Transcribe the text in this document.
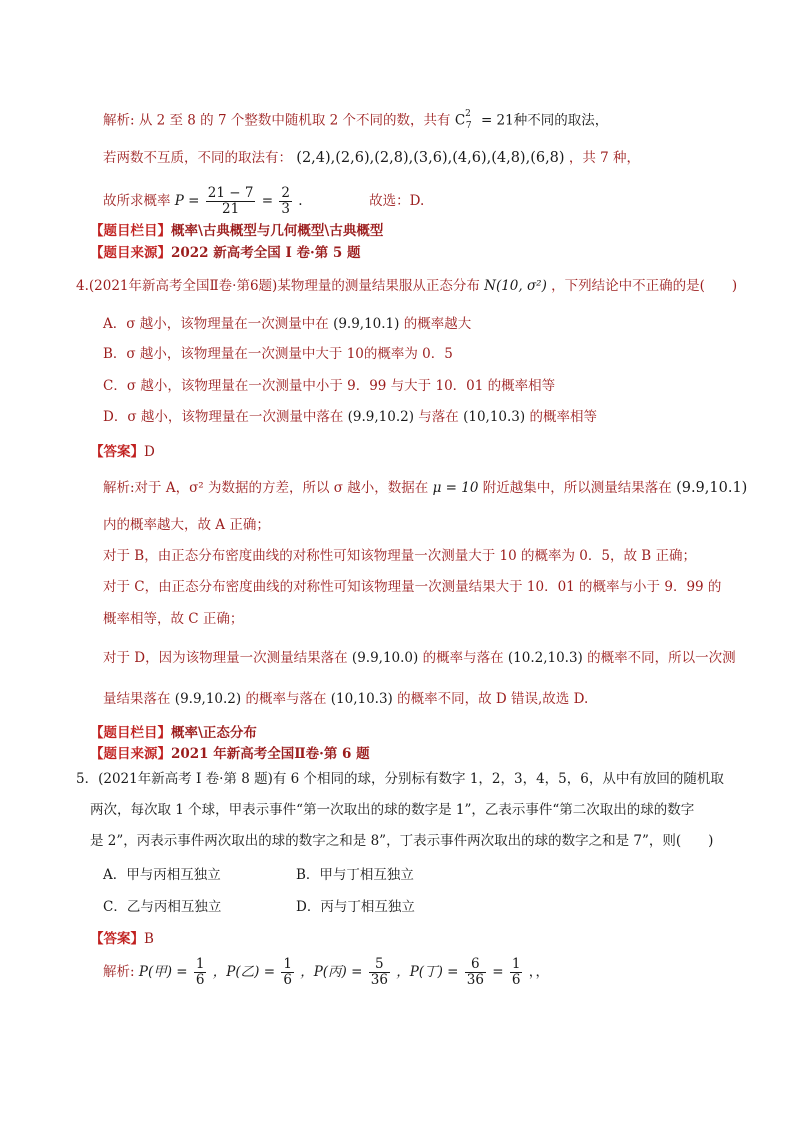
解析: 从 2 至 8 的 7 个整数中随机取 2 个不同的数，共有 $C^2_7 = 21$种不同的取法，
若两数不互质，不同的取法有： (2,4),(2,6),(2,8),(3,6),(4,6),(4,8),(6,8) ，共 7 种，
故所求概率 $P = \frac{21 - 7}{21} = \frac{2}{3}$ .	故选：D.
【题目栏目】概率\古典概型与几何概型\古典概型
【题目来源】2022 新高考全国 I 卷·第 5 题
4.(2021年新高考全国Ⅱ卷·第6题)某物理量的测量结果服从正态分布 N(10, σ²) ，下列结论中不正确的是(　　)
A．σ 越小，该物理量在一次测量中在 (9.9,10.1) 的概率越大
B．σ 越小，该物理量在一次测量中大于 10的概率为 0．5
C．σ 越小，该物理量在一次测量中小于 9．99 与大于 10．01 的概率相等
D．σ 越小，该物理量在一次测量中落在 (9.9,10.2) 与落在 (10,10.3) 的概率相等
【答案】D
解析:对于 A，σ² 为数据的方差，所以 σ 越小，数据在 μ = 10 附近越集中，所以测量结果落在 (9.9,10.1)
内的概率越大，故 A 正确；
对于 B，由正态分布密度曲线的对称性可知该物理量一次测量大于 10 的概率为 0．5，故 B 正确；
对于 C，由正态分布密度曲线的对称性可知该物理量一次测量结果大于 10．01 的概率与小于 9．99 的
概率相等，故 C 正确；
对于 D，因为该物理量一次测量结果落在 (9.9,10.0) 的概率与落在 (10.2,10.3) 的概率不同，所以一次测
量结果落在 (9.9,10.2) 的概率与落在 (10,10.3) 的概率不同，故 D 错误,故选 D.
【题目栏目】概率\正态分布
【题目来源】2021 年新高考全国Ⅱ卷·第 6 题
5．(2021年新高考 I 卷·第 8 题)有 6 个相同的球，分别标有数字 1，2，3，4，5，6，从中有放回的随机取
两次，每次取 1 个球，甲表示事件“第一次取出的球的数字是 1”，乙表示事件“第二次取出的球的数字
是 2”，丙表示事件两次取出的球的数字之和是 8”，丁表示事件两次取出的球的数字之和是 7”，则(　　)
A．甲与丙相互独立	B．甲与丁相互独立
C．乙与丙相互独立	D．丙与丁相互独立
【答案】B
解析: P(甲) = $\frac{1}{6}$ ，P(乙) = $\frac{1}{6}$ ，P(丙) = $\frac{5}{36}$ ，P(丁) = $\frac{6}{36} = \frac{1}{6}$ ，，
